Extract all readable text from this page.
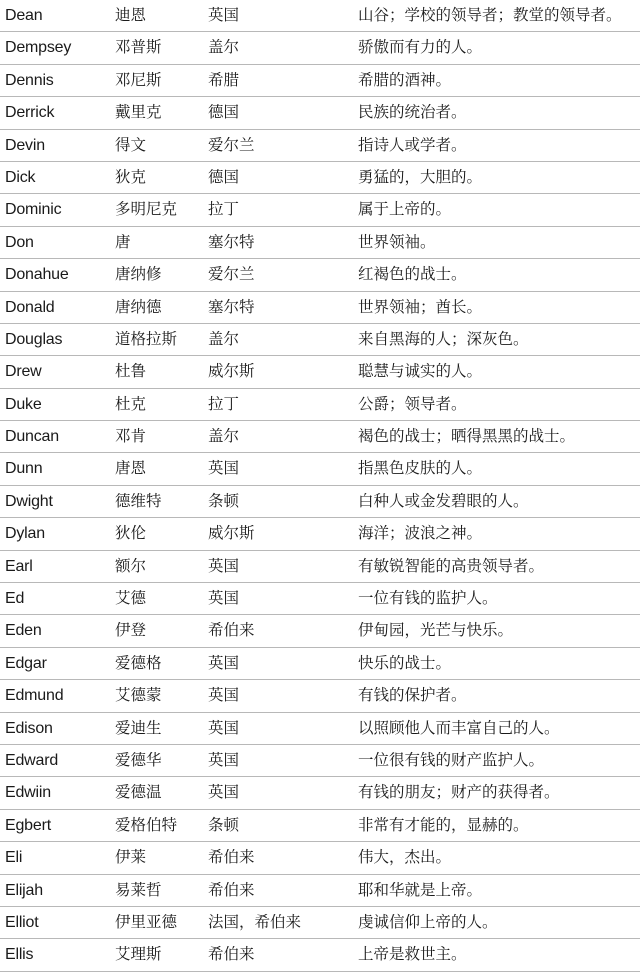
Dean	迪恩	英国	山谷；学校的领导者；教堂的领导者。
Dempsey	邓普斯	盖尔	骄傲而有力的人。
Dennis	邓尼斯	希腊	希腊的酒神。
Derrick	戴里克	德国	民族的统治者。
Devin	得文	爱尔兰	指诗人或学者。
Dick	狄克	德国	勇猛的，大胆的。
Dominic	多明尼克	拉丁	属于上帝的。
Don	唐	塞尔特	世界领袖。
Donahue	唐纳修	爱尔兰	红褐色的战士。
Donald	唐纳德	塞尔特	世界领袖；酋长。
Douglas	道格拉斯	盖尔	来自黑海的人；深灰色。
Drew	杜鲁	威尔斯	聪慧与诚实的人。
Duke	杜克	拉丁	公爵；领导者。
Duncan	邓肯	盖尔	褐色的战士；晒得黑黑的战士。
Dunn	唐恩	英国	指黑色皮肤的人。
Dwight	德维特	条顿	白种人或金发碧眼的人。
Dylan	狄伦	威尔斯	海洋；波浪之神。
Earl	额尔	英国	有敏锐智能的高贵领导者。
Ed	艾德	英国	一位有钱的监护人。
Eden	伊登	希伯来	伊甸园，光芒与快乐。
Edgar	爱德格	英国	快乐的战士。
Edmund	艾德蒙	英国	有钱的保护者。
Edison	爱迪生	英国	以照顾他人而丰富自己的人。
Edward	爱德华	英国	一位很有钱的财产监护人。
Edwiin	爱德温	英国	有钱的朋友；财产的获得者。
Egbert	爱格伯特	条顿	非常有才能的，显赫的。
Eli	伊莱	希伯来	伟大，杰出。
Elijah	易莱哲	希伯来	耶和华就是上帝。
Elliot	伊里亚德	法国，希伯来	虔诚信仰上帝的人。
Ellis	艾理斯	希伯来	上帝是救世主。
